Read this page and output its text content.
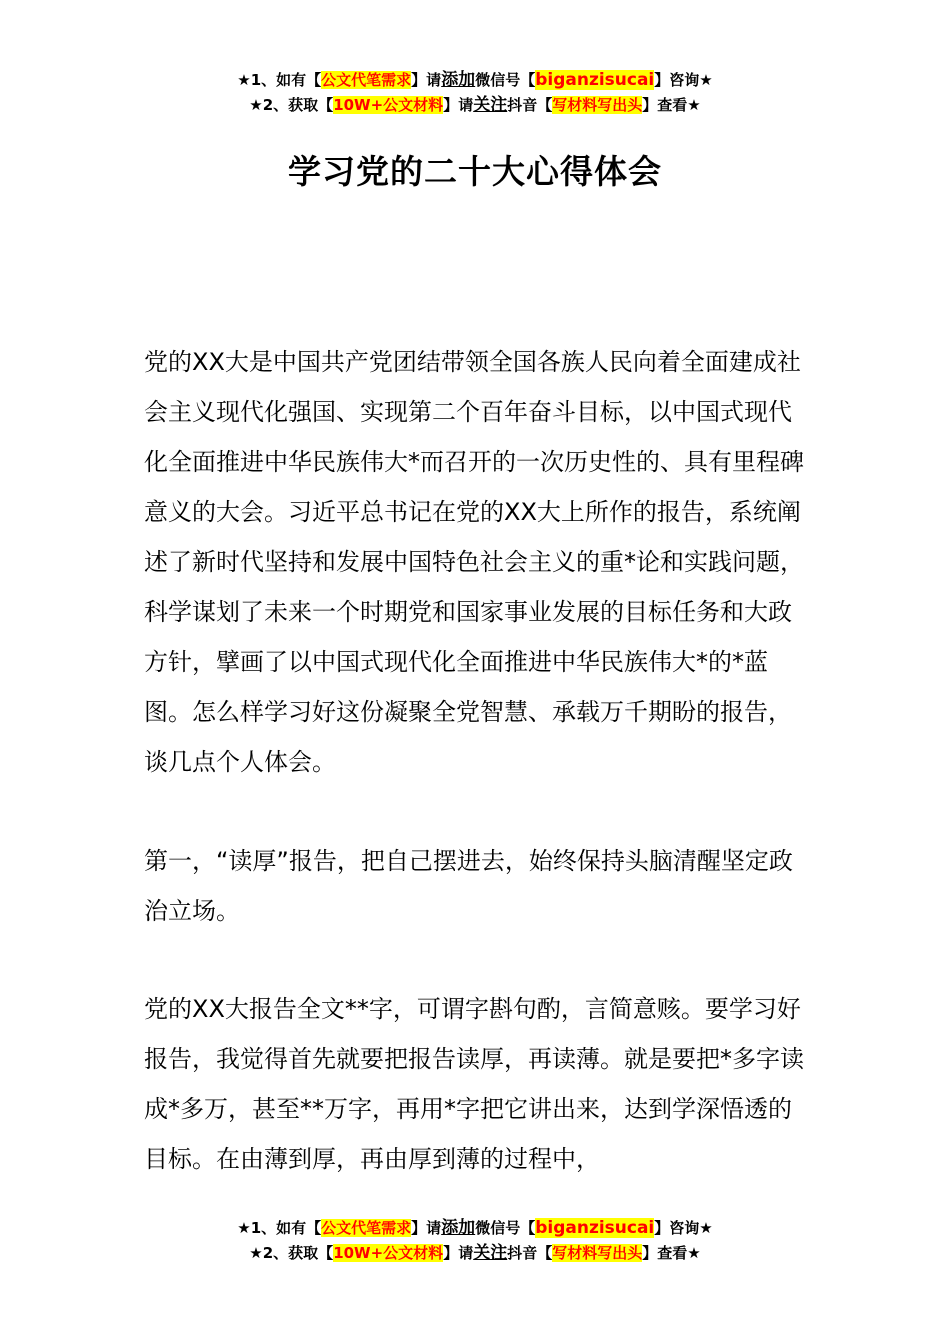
★1、如有【公文代笔需求】请添加微信号【biganzisucai】咨询★
★2、获取【10W+公文材料】请关注抖音【写材料写出头】查看★
学习党的二十大心得体会

党的XX大是中国共产党团结带领全国各族人民向着全面建成社会主义现代化强国、实现第二个百年奋斗目标，以中国式现代化全面推进中华民族伟大*而召开的一次历史性的、具有里程碑意义的大会。习近平总书记在党的XX大上所作的报告，系统阐述了新时代坚持和发展中国特色社会主义的重*论和实践问题，科学谋划了未来一个时期党和国家事业发展的目标任务和大政方针，擘画了以中国式现代化全面推进中华民族伟大*的*蓝图。怎么样学习好这份凝聚全党智慧、承载万千期盼的报告，谈几点个人体会。

第一，“读厚”报告，把自己摆进去，始终保持头脑清醒坚定政治立场。

党的XX大报告全文**字，可谓字斟句酌，言简意赅。要学习好报告，我觉得首先就要把报告读厚，再读薄。就是要把*多字读成*多万，甚至**万字，再用*字把它讲出来，达到学深悟透的目标。在由薄到厚，再由厚到薄的过程中，

★1、如有【公文代笔需求】请添加微信号【biganzisucai】咨询★
★2、获取【10W+公文材料】请关注抖音【写材料写出头】查看★
